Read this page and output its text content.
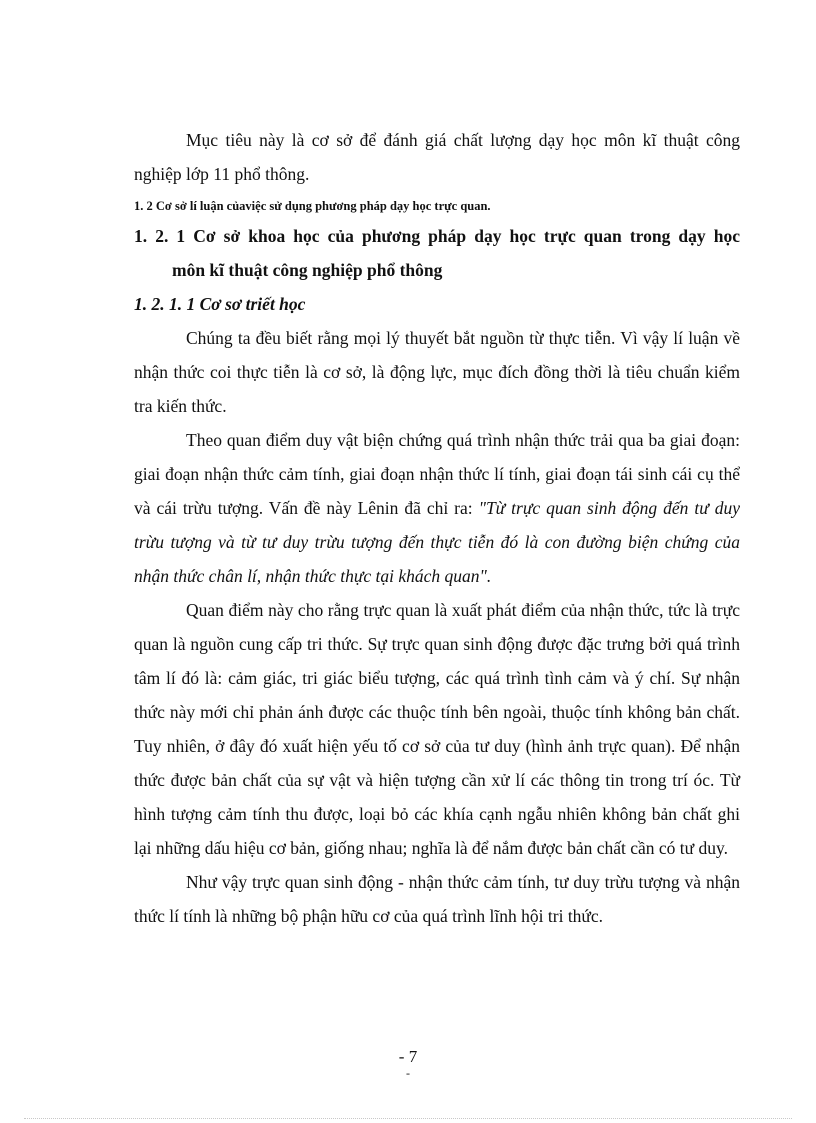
Mục tiêu này là cơ sở để đánh giá chất lượng dạy học môn kĩ thuật công nghiệp lớp 11 phổ thông.

1. 2 Cơ sở lí luận củaviệc sử dụng phương pháp dạy học trực quan.
1. 2. 1 Cơ sở khoa học của phương pháp dạy học trực quan trong dạy học
môn kĩ thuật công nghiệp phổ thông
1. 2. 1. 1 Cơ sơ triết học

Chúng ta đều biết rằng mọi lý thuyết bắt nguồn từ thực tiễn. Vì vậy lí luận về nhận thức coi thực tiễn là cơ sở, là động lực, mục đích đồng thời là tiêu chuẩn kiểm tra kiến thức.

Theo quan điểm duy vật biện chứng quá trình nhận thức trải qua ba giai đoạn: giai đoạn nhận thức cảm tính, giai đoạn nhận thức lí tính, giai đoạn tái sinh cái cụ thể và cái trừu tượng. Vấn đề này Lênin đã chỉ ra: "Từ trực quan sinh động đến tư duy trừu tượng và từ tư duy trừu tượng đến thực tiễn đó là con đường biện chứng của nhận thức chân lí, nhận thức thực tại khách quan".

Quan điểm này cho rằng trực quan là xuất phát điểm của nhận thức, tức là trực quan là nguồn cung cấp tri thức. Sự trực quan sinh động được đặc trưng bởi quá trình tâm lí đó là: cảm giác, tri giác biểu tượng, các quá trình tình cảm và ý chí. Sự nhận thức này mới chỉ phản ánh được các thuộc tính bên ngoài, thuộc tính không bản chất. Tuy nhiên, ở đây đó xuất hiện yếu tố cơ sở của tư duy (hình ảnh trực quan). Để nhận thức được bản chất của sự vật và hiện tượng cần xử lí các thông tin trong trí óc. Từ hình tượng cảm tính thu được, loại bỏ các khía cạnh ngẫu nhiên không bản chất ghi lại những dấu hiệu cơ bản, giống nhau; nghĩa là để nắm được bản chất cần có tư duy.

Như vậy trực quan sinh động - nhận thức cảm tính, tư duy trừu tượng và nhận thức lí tính là những bộ phận hữu cơ của quá trình lĩnh hội tri thức.

- 7
-
